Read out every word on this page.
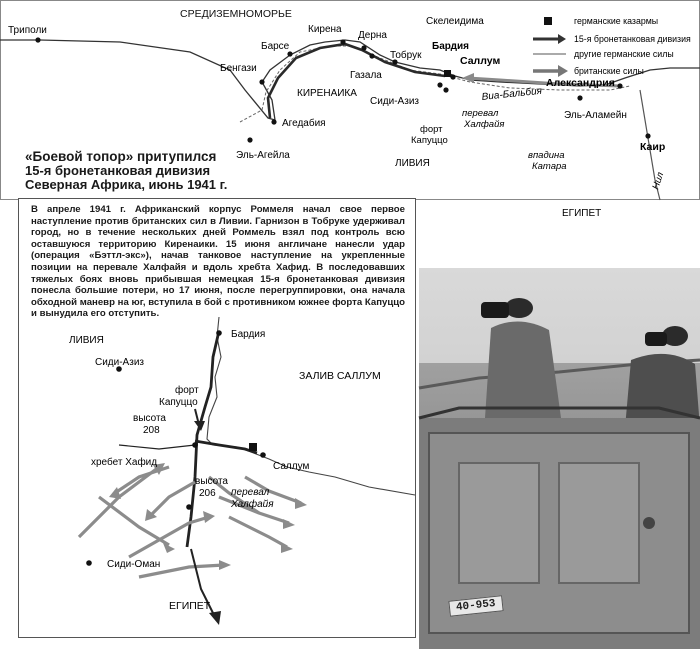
СРЕДИЗЕМНОМОРЬЕ
Триполи
Барсе
Кирена
Дерна
Скелеидима
Бенгази
Тобрук
Бардия
Саллум
КИРЕНАИКА
Газала
Сиди-Азиз
Агедабия
Александрия
Виа-Бальбия
Эль-Аламейн
форт Капуццо
перевал Халфайя
Эль-Агейла
ЛИВИЯ
Каир
впадина Катара
Нил
ЕГИПЕТ
германские казармы
15-я бронетанковая дивизия
другие германские силы
британские силы
«Боевой топор» притупился
15-я бронетанковая дивизия
Северная Африка, июнь 1941 г.

В апреле 1941 г. Африканский корпус Роммеля начал свое первое наступление против британских сил в Ливии. Гарнизон в Тобруке удерживал город, но в течение нескольких дней Роммель взял под контроль всю оставшуюся территорию Киренаики. 15 июня англичане нанесли удар (операция «Бэттл-экс»), начав танковое наступление на укрепленные позиции на перевале Халфайя и вдоль хребта Хафид. В последовавших тяжелых боях вновь прибывшая немецкая 15-я бронетанковая дивизия понесла большие потери, но 17 июня, после перегруппировки, она начала обходной маневр на юг, вступила в бой с противником южнее форта Капуццо и вынудила его отступить.

ЛИВИЯ
Бардия
Сиди-Азиз
форт Капуццо
ЗАЛИВ САЛЛУМ
высота 208
хребет Хафид	Саллум
высота 206	перевал Халфайя
Сиди-Оман
ЕГИПЕТ	40-953
